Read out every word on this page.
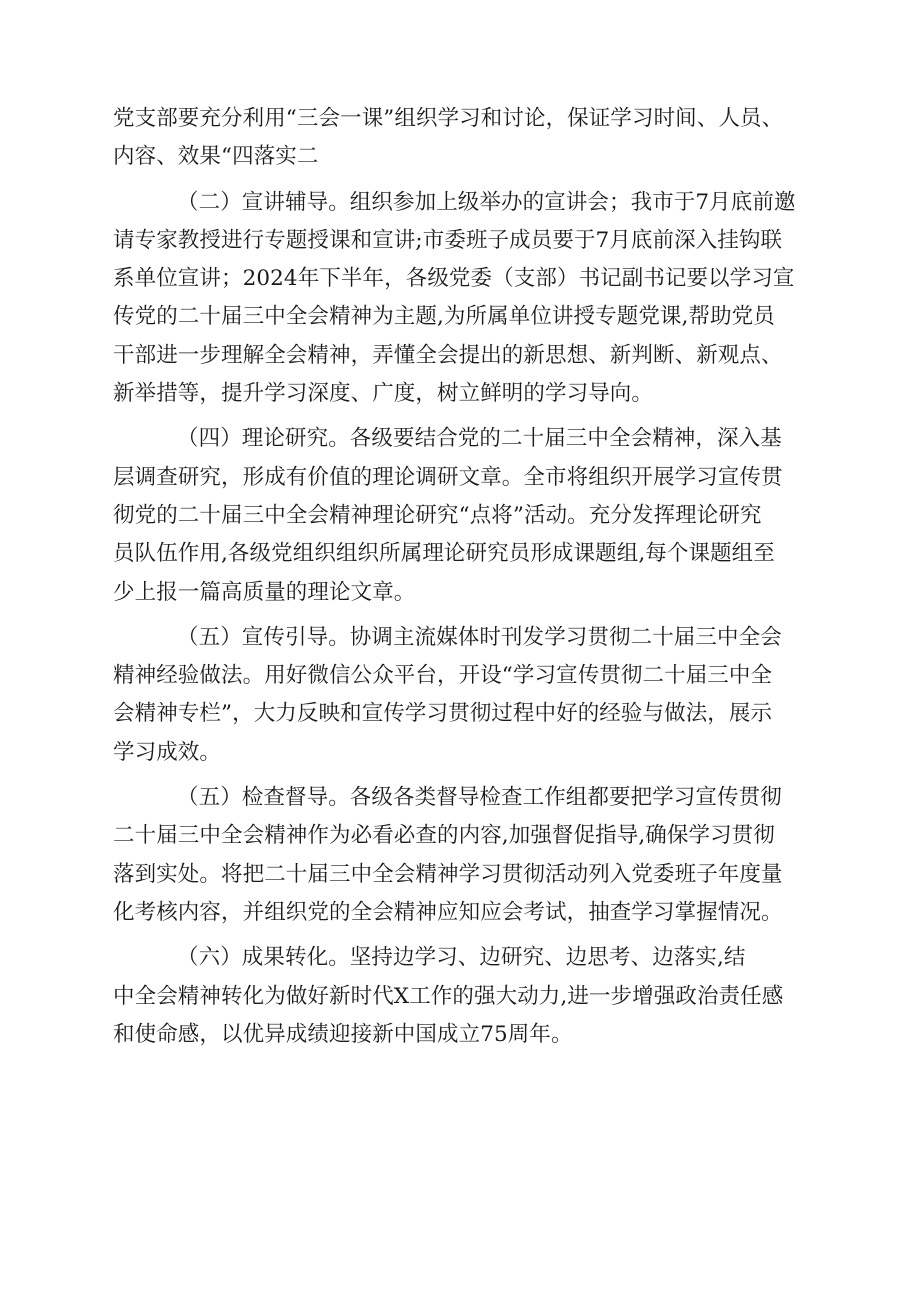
党支部要充分利用“三会一课”组织学习和讨论，保证学习时间、人员、
内容、效果“四落实二
（二）宣讲辅导。组织参加上级举办的宣讲会；我市于7月底前邀
请专家教授进行专题授课和宣讲;市委班子成员要于7月底前深入挂钩联
系单位宣讲；2024年下半年，各级党委（支部）书记副书记要以学习宣
传党的二十届三中全会精神为主题,为所属单位讲授专题党课,帮助党员
干部进一步理解全会精神，弄懂全会提出的新思想、新判断、新观点、
新举措等，提升学习深度、广度，树立鲜明的学习导向。
（四）理论研究。各级要结合党的二十届三中全会精神，深入基
层调查研究，形成有价值的理论调研文章。全市将组织开展学习宣传贯
彻党的二十届三中全会精神理论研究“点将”活动。充分发挥理论研究
员队伍作用,各级党组织组织所属理论研究员形成课题组,每个课题组至
少上报一篇高质量的理论文章。
（五）宣传引导。协调主流媒体时刊发学习贯彻二十届三中全会
精神经验做法。用好微信公众平台，开设“学习宣传贯彻二十届三中全
会精神专栏”，大力反映和宣传学习贯彻过程中好的经验与做法，展示
学习成效。
（五）检查督导。各级各类督导检查工作组都要把学习宣传贯彻
二十届三中全会精神作为必看必查的内容,加强督促指导,确保学习贯彻
落到实处。将把二十届三中全会精神学习贯彻活动列入党委班子年度量
化考核内容，并组织党的全会精神应知应会考试，抽查学习掌握情况。
（六）成果转化。坚持边学习、边研究、边思考、边落实,结
中全会精神转化为做好新时代X工作的强大动力,进一步增强政治责任感
和使命感，以优异成绩迎接新中国成立75周年。
